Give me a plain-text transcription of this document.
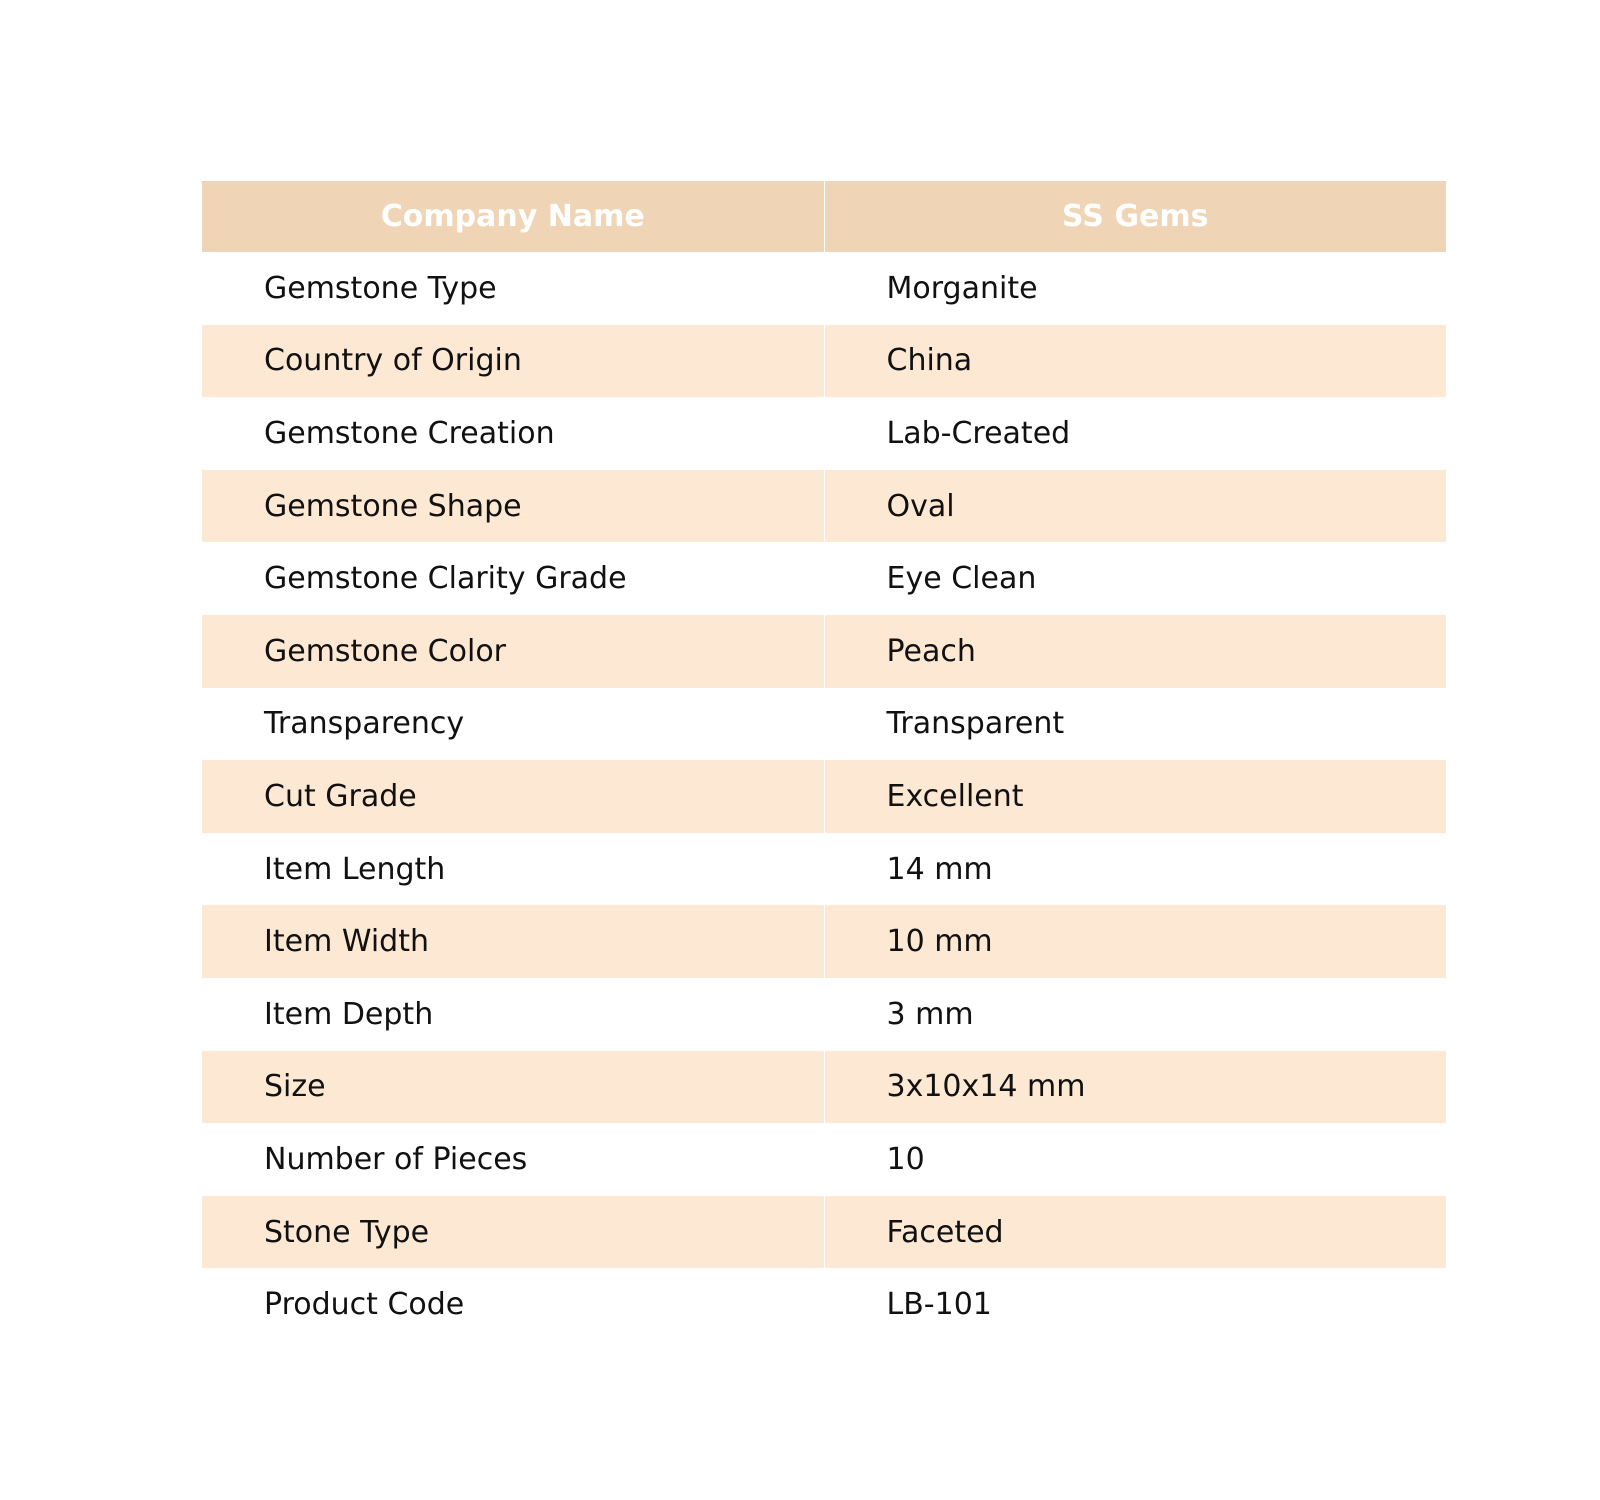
Company Name	SS Gems
Gemstone Type	Morganite
Country of Origin	China
Gemstone Creation	Lab-Created
Gemstone Shape	Oval
Gemstone Clarity Grade	Eye Clean
Gemstone Color	Peach
Transparency	Transparent
Cut Grade	Excellent
Item Length	14 mm
Item Width	10 mm
Item Depth	3 mm
Size	3x10x14 mm
Number of Pieces	10
Stone Type	Faceted
Product Code	LB-101
